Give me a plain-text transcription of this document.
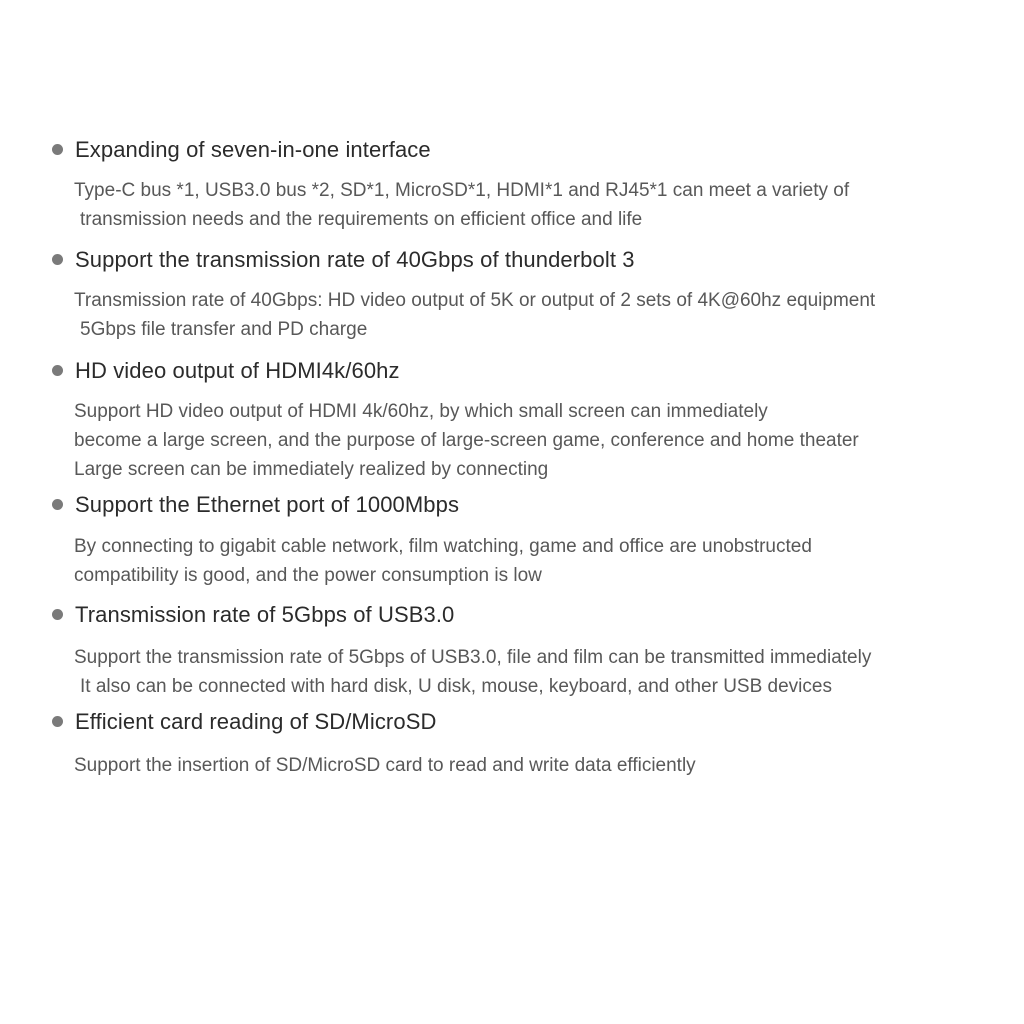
Expanding of seven-in-one interface
Type-C bus *1, USB3.0 bus *2, SD*1, MicroSD*1, HDMI*1 and RJ45*1 can meet a variety of
transmission needs and the requirements on efficient office and life
Support the transmission rate of 40Gbps of thunderbolt 3
Transmission rate of 40Gbps: HD video output of 5K or output of 2 sets of 4K@60hz equipment
5Gbps file transfer and PD charge
HD video output of HDMI4k/60hz
Support HD video output of HDMI 4k/60hz, by which small screen can immediately
become a large screen, and the purpose of large-screen game, conference and home theater
Large screen can be immediately realized by connecting
Support the Ethernet port of 1000Mbps
By connecting to gigabit cable network, film watching, game and office are unobstructed
compatibility is good, and the power consumption is low
Transmission rate of 5Gbps of USB3.0
Support the transmission rate of 5Gbps of USB3.0, file and film can be transmitted immediately
It also can be connected with hard disk, U disk, mouse, keyboard, and other USB devices
Efficient card reading of SD/MicroSD
Support the insertion of SD/MicroSD card to read and write data efficiently
